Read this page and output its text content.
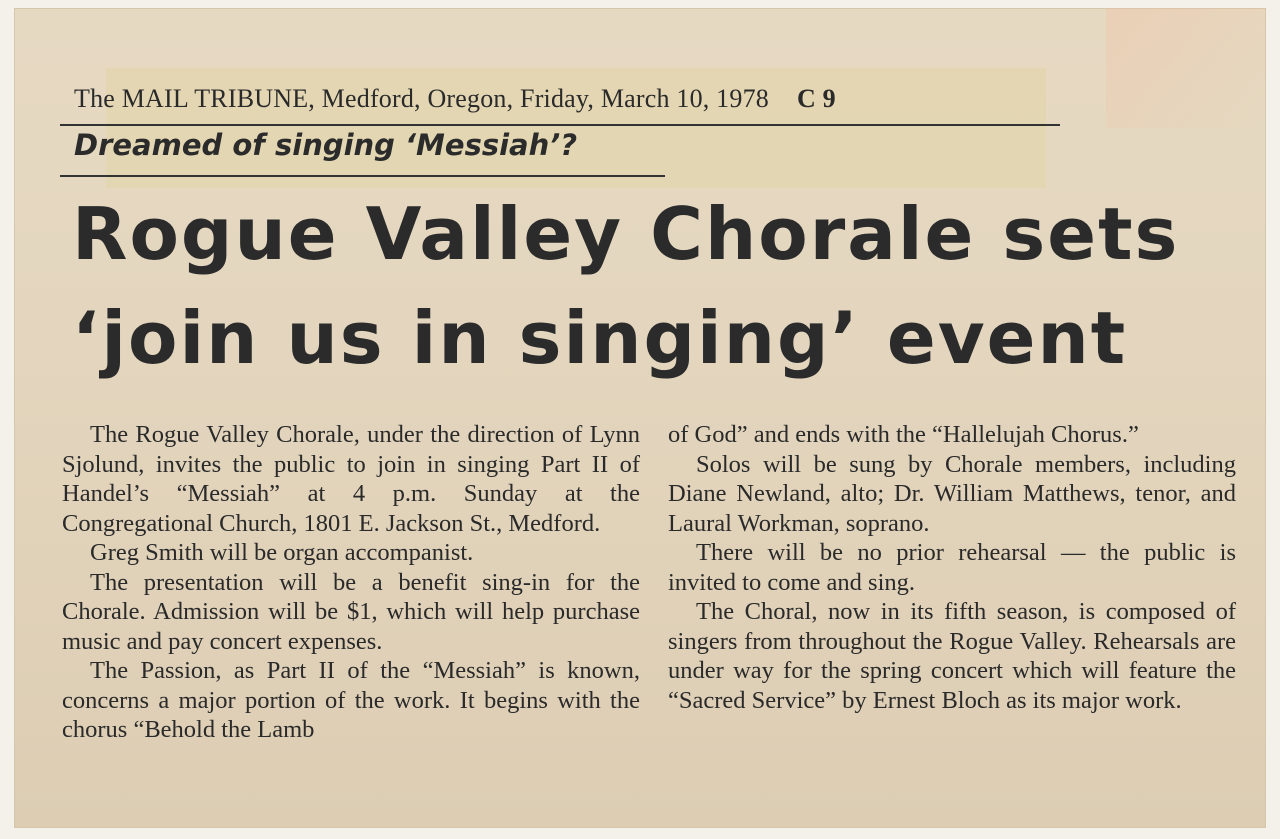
The MAIL TRIBUNE, Medford, Oregon, Friday, March 10, 1978 C 9
Dreamed of singing ‘Messiah’?
Rogue Valley Chorale sets
‘join us in singing’ event

The Rogue Valley Chorale, under the direction of Lynn Sjolund, invites the public to join in singing Part II of Handel’s “Messiah” at 4 p.m. Sunday at the Congregational Church, 1801 E. Jackson St., Medford.

Greg Smith will be organ accompanist.

The presentation will be a benefit sing-in for the Chorale. Admission will be $1, which will help purchase music and pay concert expenses.

The Passion, as Part II of the “Messiah” is known, concerns a major portion of the work. It begins with the chorus “Behold the Lamb

of God” and ends with the “Hallelujah Chorus.”

Solos will be sung by Chorale members, including Diane Newland, alto; Dr. William Matthews, tenor, and Laural Workman, soprano.

There will be no prior rehearsal — the public is invited to come and sing.

The Choral, now in its fifth season, is composed of singers from throughout the Rogue Valley. Rehearsals are under way for the spring concert which will feature the “Sacred Service” by Ernest Bloch as its major work.
